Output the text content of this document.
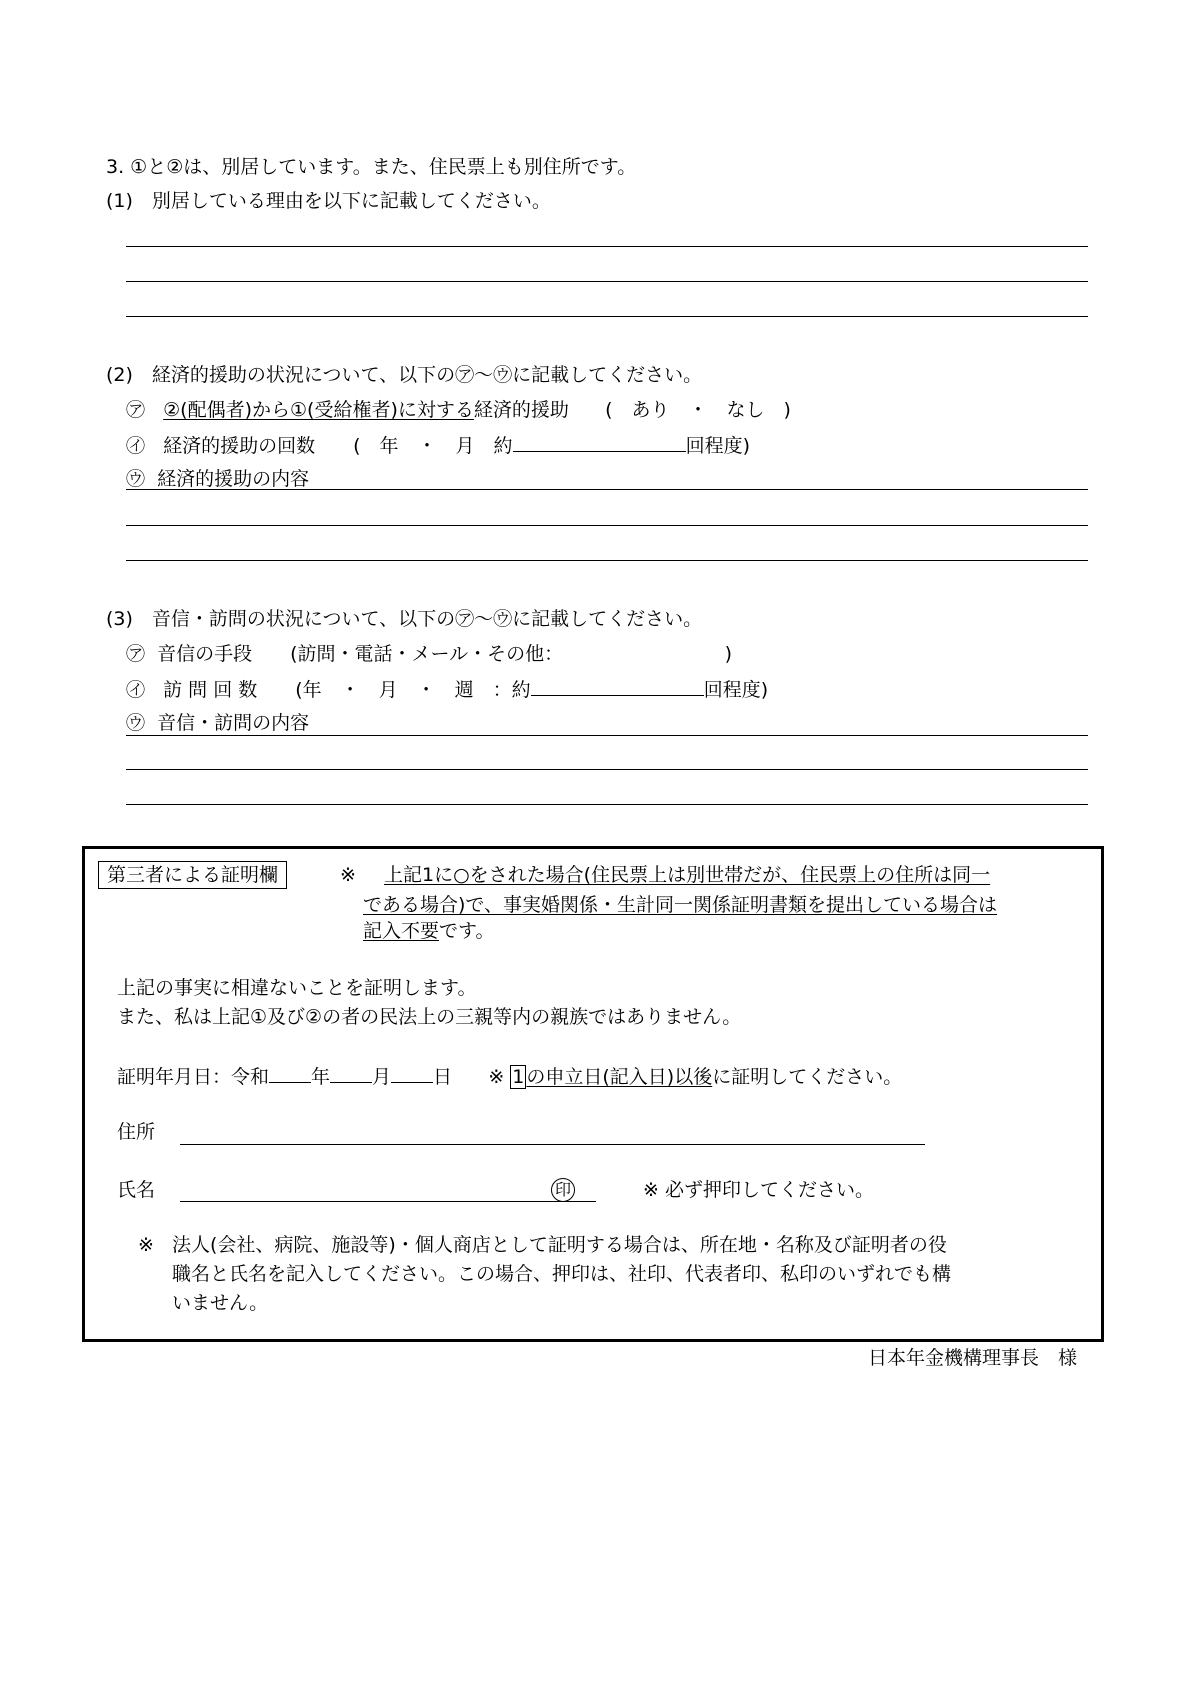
3. ①と②は、別居しています。また、住民票上も別住所です。
(1)　別居している理由を以下に記載してください。
(2)　経済的援助の状況について、以下の㋐～㋒に記載してください。
㋐ ②(配偶者)から①(受給権者)に対する経済的援助 (　あり　・　なし　)
㋑ 経済的援助の回数　　(　年　・　月　約	回程度)
㋒ 経済的援助の内容
(3)　音信・訪問の状況について、以下の㋐～㋒に記載してください。
㋐ 音信の手段　　(訪問・電話・メール・その他：　　　　　　　　　)
㋑ 訪 問 回 数　　(年　・　月　・　週　：約	回程度)
㋒ 音信・訪問の内容
第三者による証明欄	※ 上記1に○をされた場合(住民票上は別世帯だが、住民票上の住所は同一
である場合)で、事実婚関係・生計同一関係証明書類を提出している場合は
記入不要です。
上記の事実に相違ないことを証明します。
また、私は上記①及び②の者の民法上の三親等内の親族ではありません。
証明年月日：令和 年 月 日 ※ 1 の申立日(記入日)以後に証明してください。
住所
氏名	印	※ 必ず押印してください。
※ 法人(会社、病院、施設等)・個人商店として証明する場合は、所在地・名称及び証明者の役
職名と氏名を記入してください。この場合、押印は、社印、代表者印、私印のいずれでも構
いません。
日本年金機構理事長　様
